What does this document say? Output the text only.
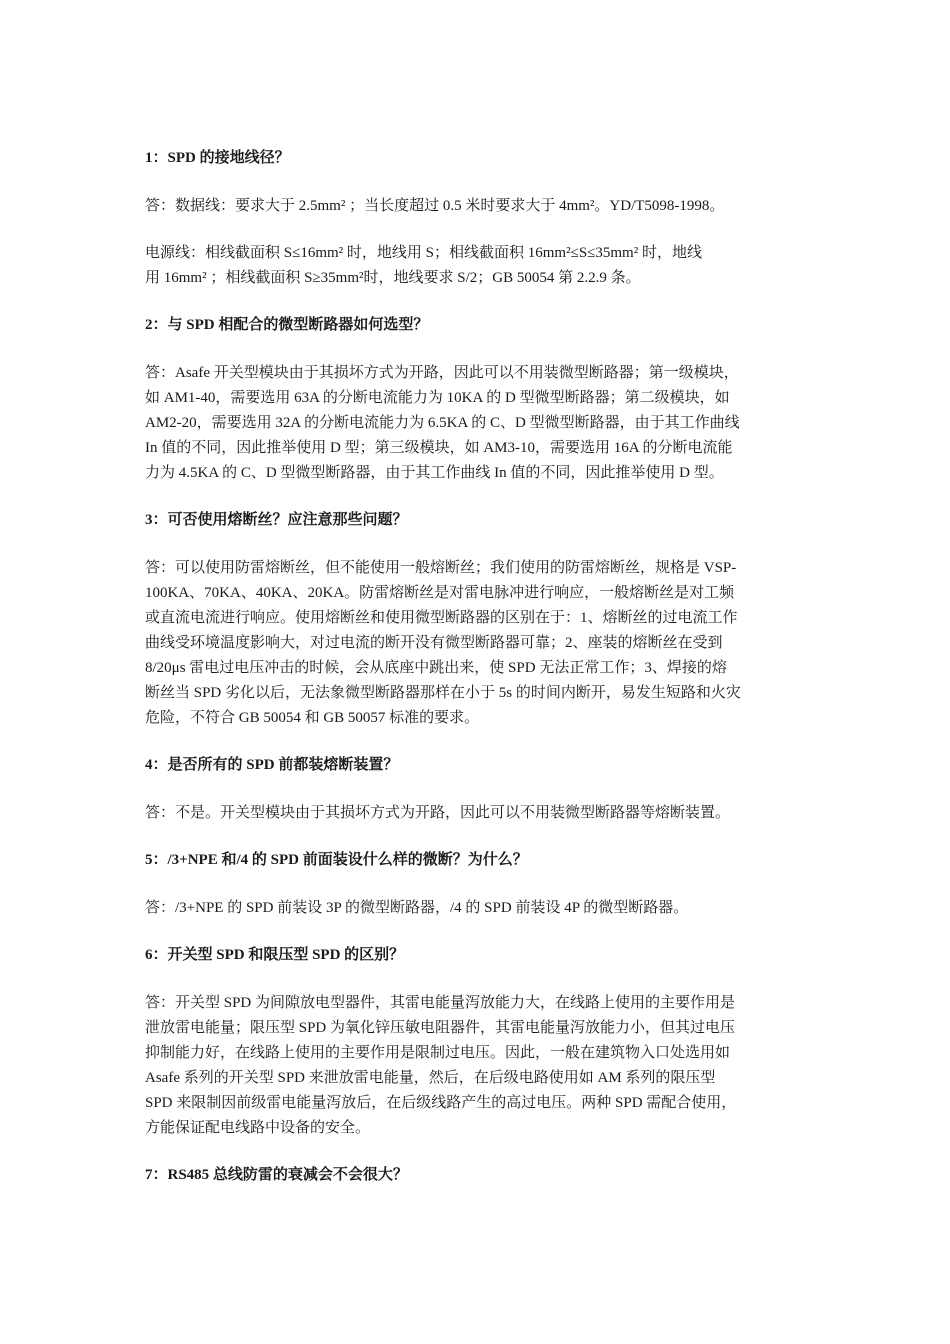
1：SPD 的接地线径？
答：数据线：要求大于 2.5mm² ；当长度超过 0.5 米时要求大于 4mm²。YD/T5098-1998。
电源线：相线截面积 S≤16mm² 时，地线用 S；相线截面积 16mm²≤S≤35mm² 时，地线
用 16mm² ；相线截面积 S≥35mm²时，地线要求 S/2；GB 50054 第 2.2.9 条。
2：与 SPD 相配合的微型断路器如何选型？
答：Asafe 开关型模块由于其损坏方式为开路，因此可以不用装微型断路器；第一级模块，
如 AM1-40，需要选用 63A 的分断电流能力为 10KA 的 D 型微型断路器；第二级模块，如
AM2-20，需要选用 32A 的分断电流能力为 6.5KA 的 C、D 型微型断路器，由于其工作曲线
In 值的不同，因此推举使用 D 型；第三级模块，如 AM3-10，需要选用 16A 的分断电流能
力为 4.5KA 的 C、D 型微型断路器，由于其工作曲线 In 值的不同，因此推举使用 D 型。
3：可否使用熔断丝？应注意那些问题？
答：可以使用防雷熔断丝，但不能使用一般熔断丝；我们使用的防雷熔断丝，规格是 VSP-
100KA、70KA、40KA、20KA。防雷熔断丝是对雷电脉冲进行响应，一般熔断丝是对工频
或直流电流进行响应。使用熔断丝和使用微型断路器的区别在于：1、熔断丝的过电流工作
曲线受环境温度影响大，对过电流的断开没有微型断路器可靠；2、座装的熔断丝在受到
8/20μs 雷电过电压冲击的时候，会从底座中跳出来，使 SPD 无法正常工作；3、焊接的熔
断丝当 SPD 劣化以后，无法象微型断路器那样在小于 5s 的时间内断开，易发生短路和火灾
危险，不符合 GB 50054 和 GB 50057 标准的要求。
4：是否所有的 SPD 前都装熔断装置？
答：不是。开关型模块由于其损坏方式为开路，因此可以不用装微型断路器等熔断装置。
5：/3+NPE 和/4 的 SPD 前面装设什么样的微断？为什么？
答：/3+NPE 的 SPD 前装设 3P 的微型断路器，/4 的 SPD 前装设 4P 的微型断路器。
6：开关型 SPD 和限压型 SPD 的区别？
答：开关型 SPD 为间隙放电型器件，其雷电能量泻放能力大，在线路上使用的主要作用是
泄放雷电能量；限压型 SPD 为氧化锌压敏电阻器件，其雷电能量泻放能力小，但其过电压
抑制能力好，在线路上使用的主要作用是限制过电压。因此，一般在建筑物入口处选用如
Asafe 系列的开关型 SPD 来泄放雷电能量，然后，在后级电路使用如 AM 系列的限压型
SPD 来限制因前级雷电能量泻放后，在后级线路产生的高过电压。两种 SPD 需配合使用，
方能保证配电线路中设备的安全。
7：RS485 总线防雷的衰减会不会很大？
